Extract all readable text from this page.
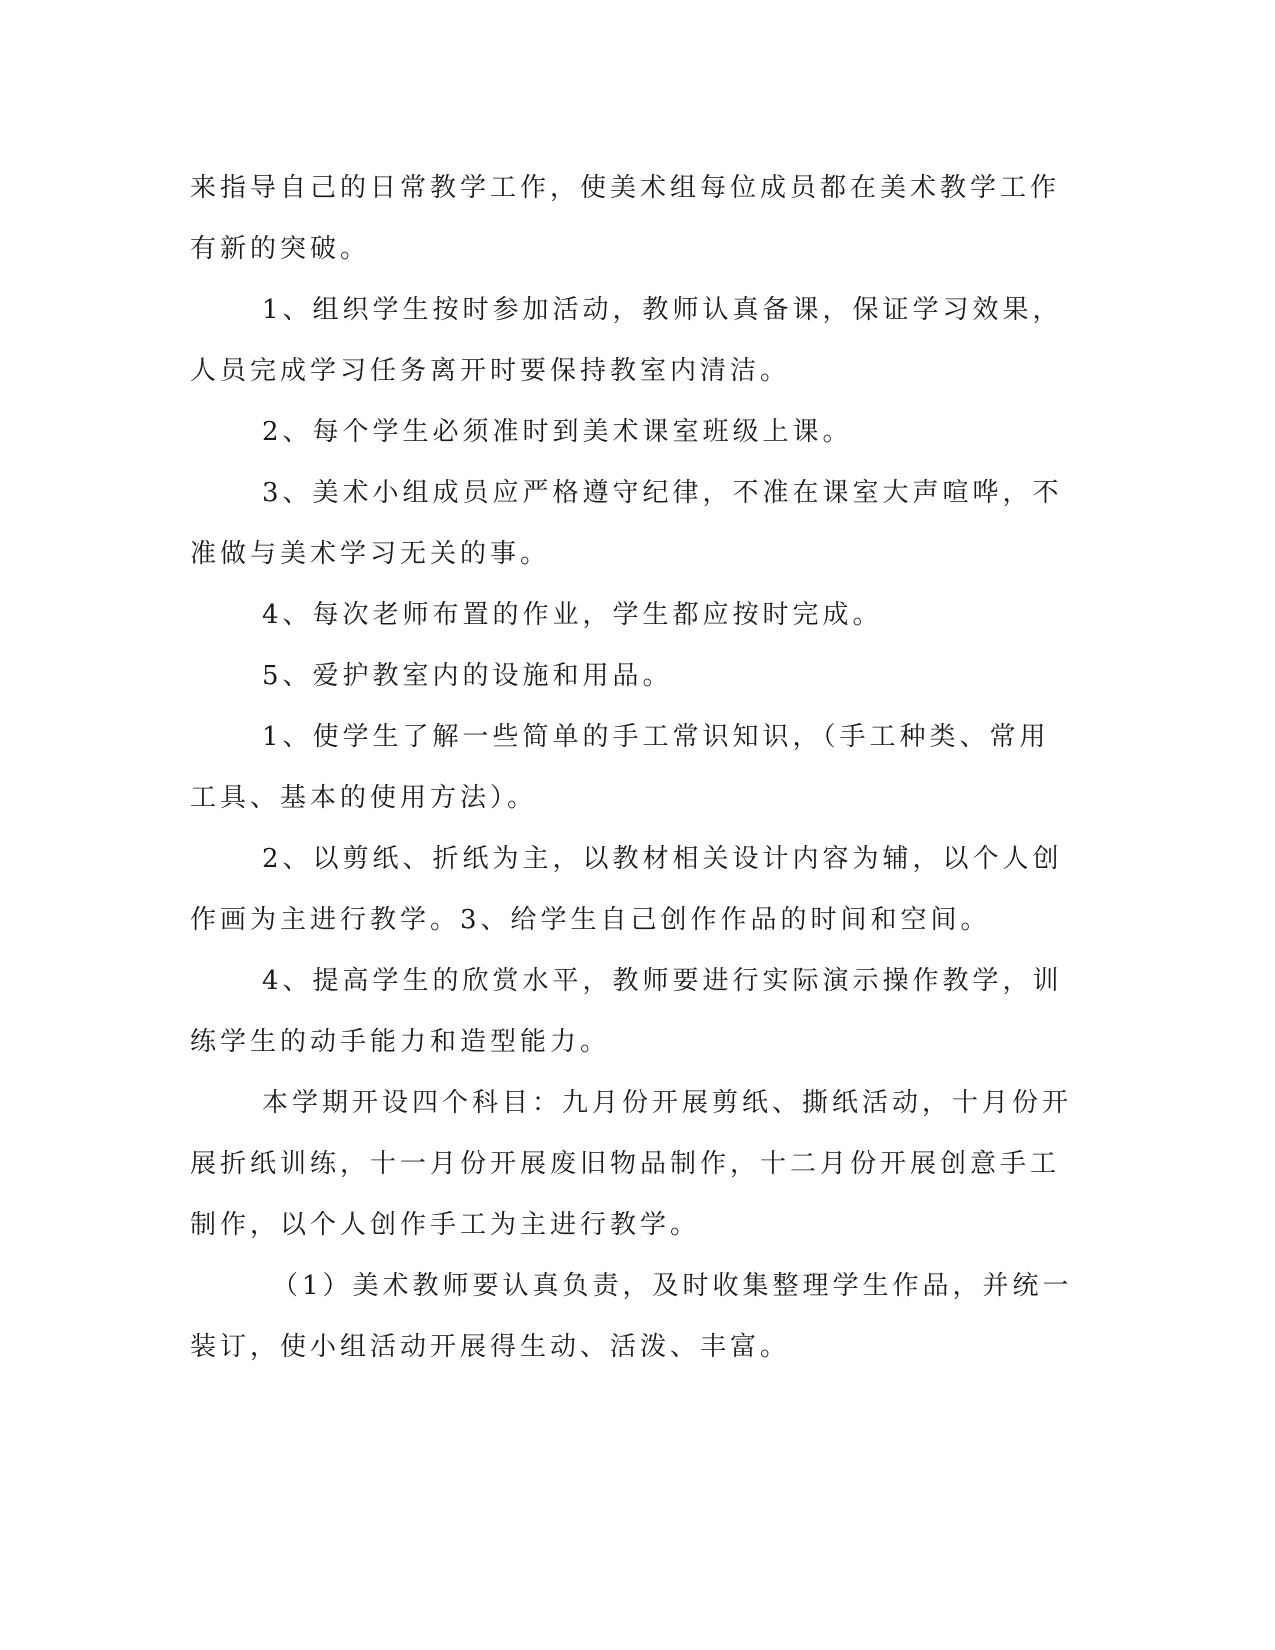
来指导自己的日常教学工作，使美术组每位成员都在美术教学工作有新的突破。

1、组织学生按时参加活动，教师认真备课，保证学习效果，人员完成学习任务离开时要保持教室内清洁。

2、每个学生必须准时到美术课室班级上课。

3、美术小组成员应严格遵守纪律，不准在课室大声喧哗，不准做与美术学习无关的事。

4、每次老师布置的作业，学生都应按时完成。

5、爱护教室内的设施和用品。

1、使学生了解一些简单的手工常识知识，（手工种类、常用工具、基本的使用方法）。

2、以剪纸、折纸为主，以教材相关设计内容为辅，以个人创作画为主进行教学。3、给学生自己创作作品的时间和空间。

4、提高学生的欣赏水平，教师要进行实际演示操作教学，训练学生的动手能力和造型能力。

本学期开设四个科目：九月份开展剪纸、撕纸活动，十月份开展折纸训练，十一月份开展废旧物品制作，十二月份开展创意手工制作，以个人创作手工为主进行教学。

（1）美术教师要认真负责，及时收集整理学生作品，并统一装订，使小组活动开展得生动、活泼、丰富。
